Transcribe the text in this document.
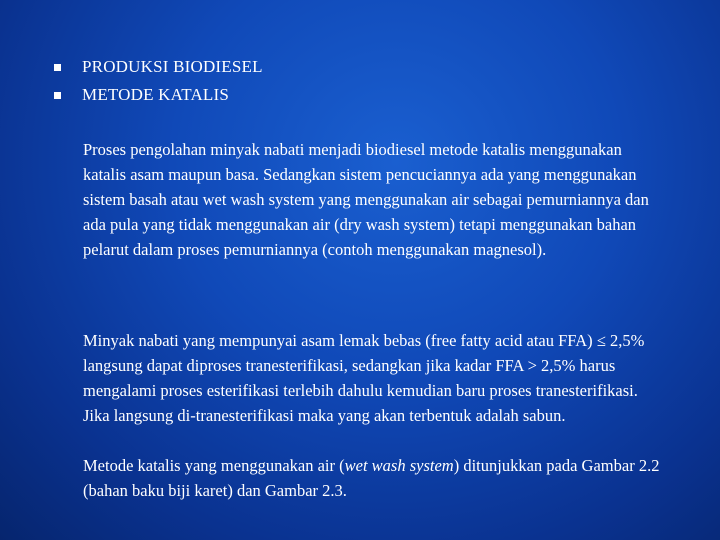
PRODUKSI BIODIESEL
METODE KATALIS

Proses pengolahan minyak nabati menjadi biodiesel metode katalis menggunakan katalis asam maupun basa. Sedangkan sistem pencuciannya ada yang menggunakan sistem basah atau wet wash system yang menggunakan air sebagai pemurniannya dan ada pula yang tidak menggunakan air (dry wash system) tetapi menggunakan bahan pelarut dalam proses pemurniannya (contoh menggunakan magnesol).

Minyak nabati yang mempunyai asam lemak bebas (free fatty acid atau FFA) ≤ 2,5% langsung dapat diproses tranesterifikasi, sedangkan jika kadar FFA > 2,5% harus mengalami proses esterifikasi terlebih dahulu kemudian baru proses tranesterifikasi. Jika langsung di-tranesterifikasi maka yang akan terbentuk adalah sabun.

Metode katalis yang menggunakan air (wet wash system) ditunjukkan pada Gambar 2.2 (bahan baku biji karet) dan Gambar 2.3.
